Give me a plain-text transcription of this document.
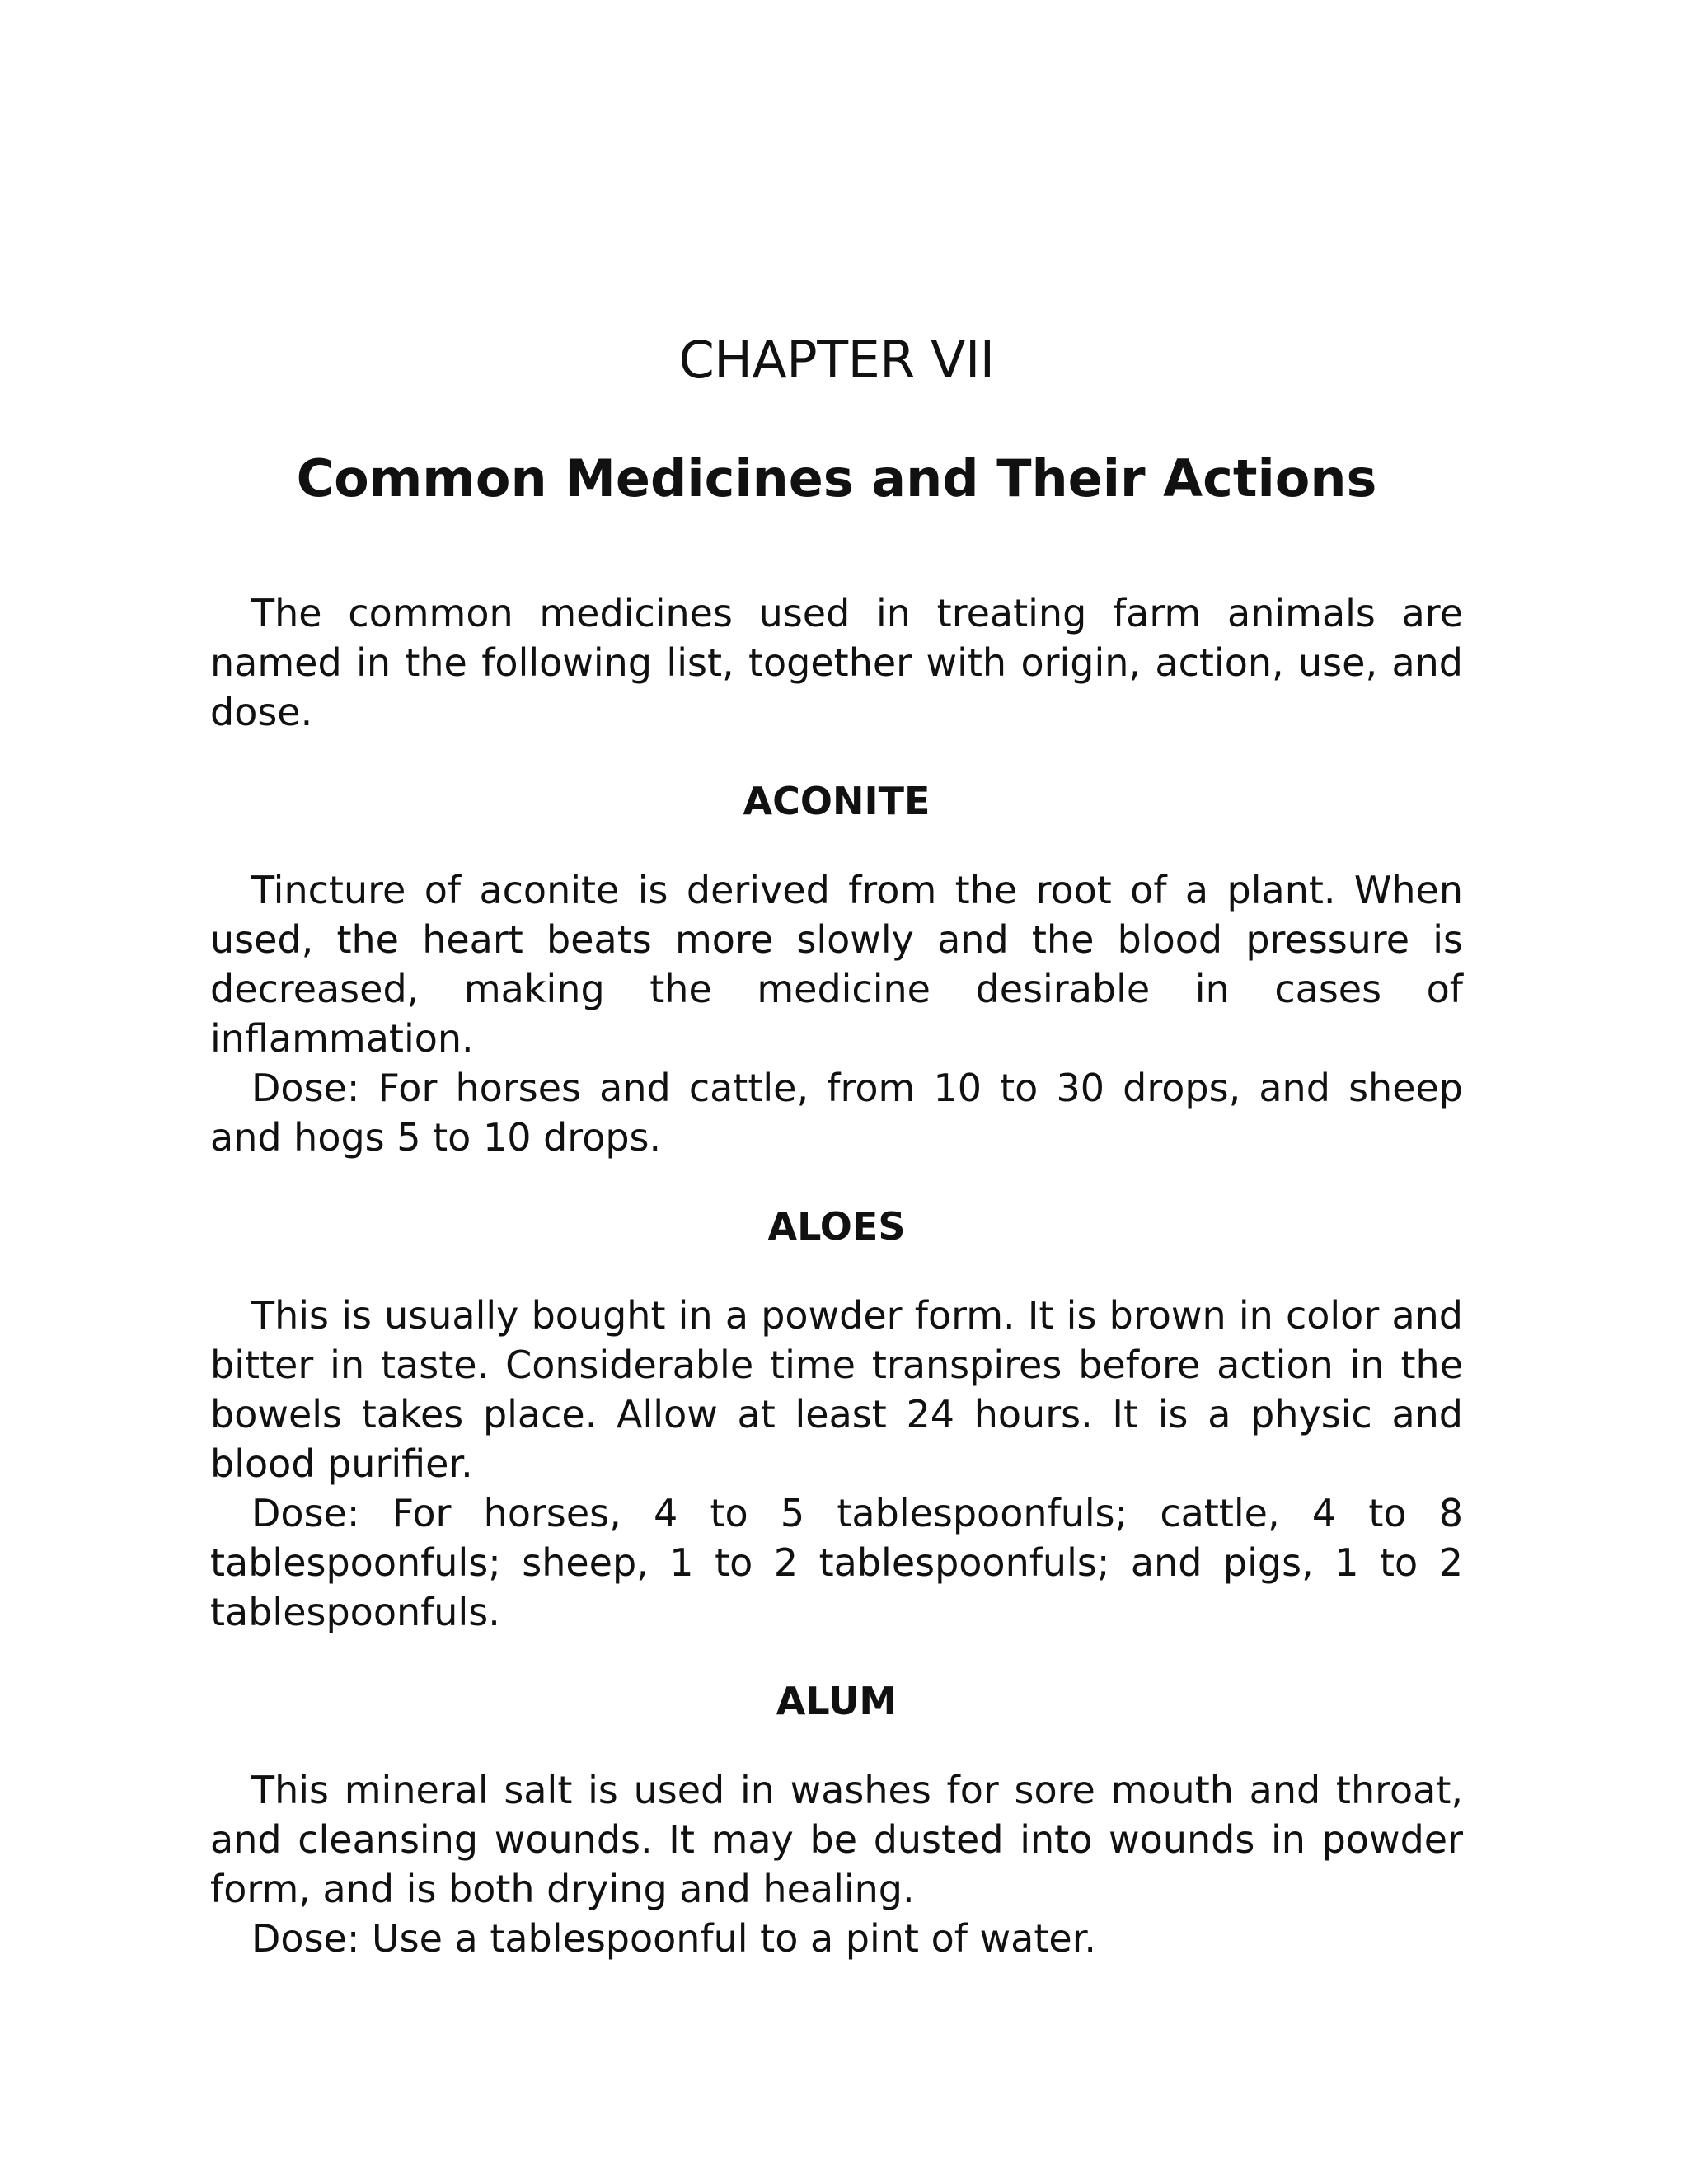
CHAPTER VII
Common Medicines and Their Actions

The common medicines used in treating farm animals are named in the following list, together with origin, action, use, and dose.

ACONITE

Tincture of aconite is derived from the root of a plant. When used, the heart beats more slowly and the blood pressure is decreased, making the medicine desirable in cases of inflammation.

Dose: For horses and cattle, from 10 to 30 drops, and sheep and hogs 5 to 10 drops.

ALOES

This is usually bought in a powder form. It is brown in color and bitter in taste. Considerable time transpires before action in the bowels takes place. Allow at least 24 hours. It is a physic and blood purifier.

Dose: For horses, 4 to 5 tablespoonfuls; cattle, 4 to 8 tablespoonfuls; sheep, 1 to 2 tablespoonfuls; and pigs, 1 to 2 tablespoonfuls.

ALUM

This mineral salt is used in washes for sore mouth and throat, and cleansing wounds. It may be dusted into wounds in powder form, and is both drying and healing.

Dose: Use a tablespoonful to a pint of water.
